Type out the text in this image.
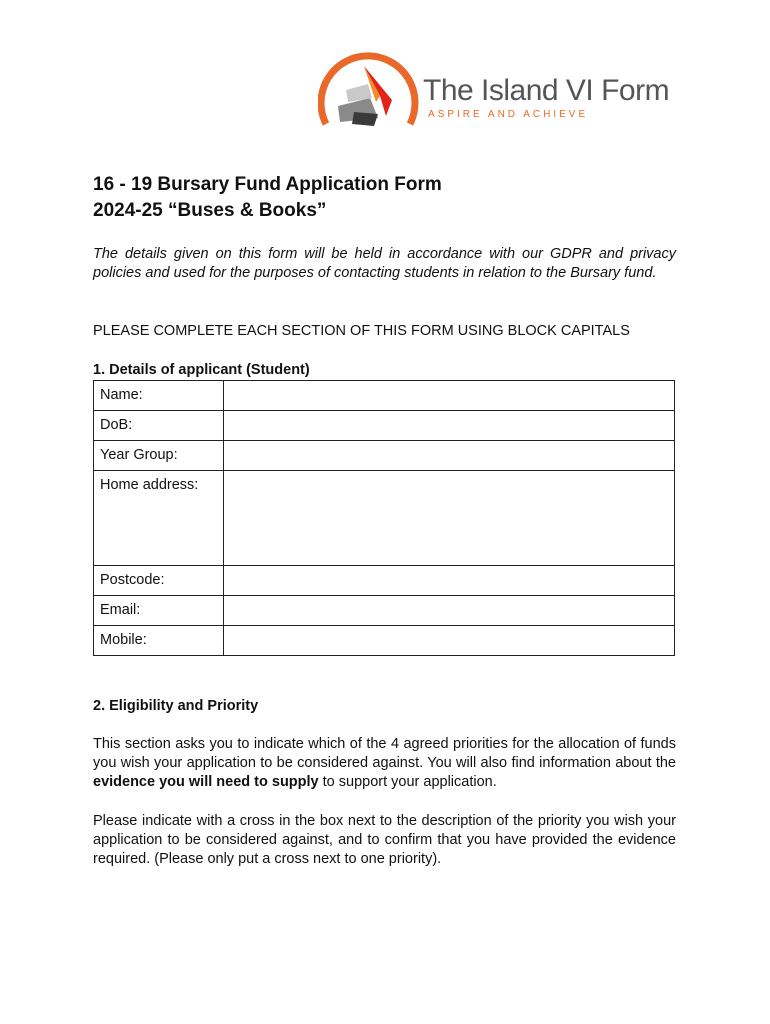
The Island VI Form
ASPIRE AND ACHIEVE
16 - 19 Bursary Fund Application Form
2024-25 “Buses & Books”

The details given on this form will be held in accordance with our GDPR and privacy policies and used for the purposes of contacting students in relation to the Bursary fund.

PLEASE COMPLETE EACH SECTION OF THIS FORM USING BLOCK CAPITALS

1. Details of applicant (Student)

Name:	
DoB:	
Year Group:	
Home address:	
Postcode:	
Email:	
Mobile:	

2. Eligibility and Priority

This section asks you to indicate which of the 4 agreed priorities for the allocation of funds you wish your application to be considered against. You will also find information about the evidence you will need to supply to support your application.

Please indicate with a cross in the box next to the description of the priority you wish your application to be considered against, and to confirm that you have provided the evidence required. (Please only put a cross next to one priority).
